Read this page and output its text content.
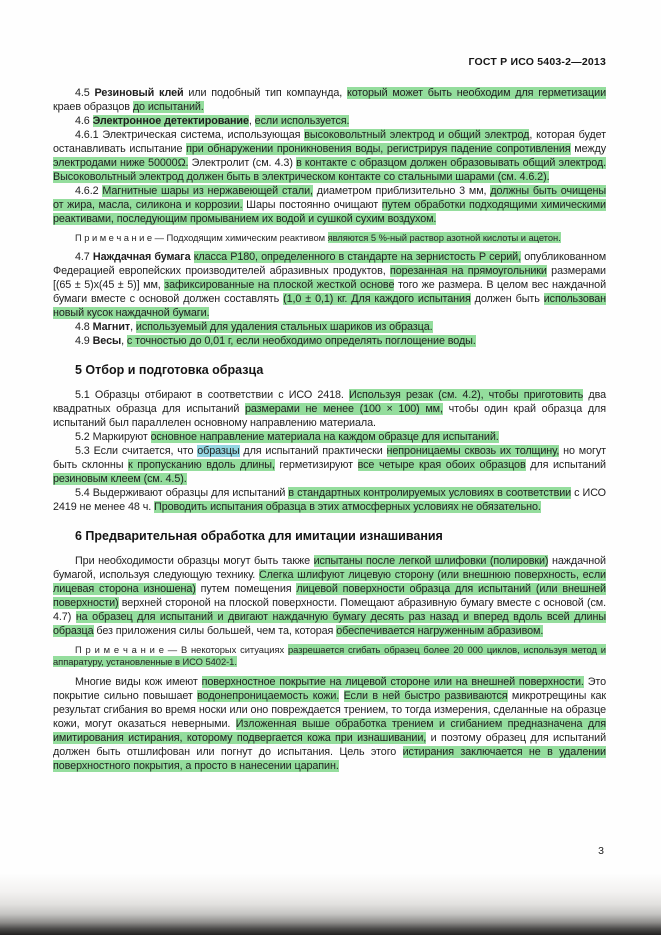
ГОСТ Р ИСО 5403-2—2013

4.5 Резиновый клей или подобный тип компаунда, который может быть необходим для герметизации краев образцов до испытаний.

4.6 Электронное детектирование, если используется.

4.6.1 Электрическая система, использующая высоковольтный электрод и общий электрод, которая будет останавливать испытание при обнаружении проникновения воды, регистрируя падение сопротивления между электродами ниже 50000Ω. Электролит (см. 4.3) в контакте с образцом должен образовывать общий электрод. Высоковольтный электрод должен быть в электрическом контакте со стальными шарами (см. 4.6.2).

4.6.2 Магнитные шары из нержавеющей стали, диаметром приблизительно 3 мм, должны быть очищены от жира, масла, силикона и коррозии. Шары постоянно очищают путем обработки подходящими химическими реактивами, последующим промыванием их водой и сушкой сухим воздухом.

П р и м е ч а н и е — Подходящим химическим реактивом являются 5 %-ный раствор азотной кислоты и ацетон.

4.7 Наждачная бумага класса P180, определенного в стандарте на зернистость Р серий, опубликованном Федерацией европейских производителей абразивных продуктов, порезанная на прямоугольники размерами [(65 ± 5)х(45 ± 5)] мм, зафиксированные на плоской жесткой основе того же размера. В целом вес наждачной бумаги вместе с основой должен составлять (1,0 ± 0,1) кг. Для каждого испытания должен быть использован новый кусок наждачной бумаги.

4.8 Магнит, используемый для удаления стальных шариков из образца.

4.9 Весы, с точностью до 0,01 г, если необходимо определять поглощение воды.

5 Отбор и подготовка образца

5.1 Образцы отбирают в соответствии с ИСО 2418. Используя резак (см. 4.2), чтобы приготовить два квадратных образца для испытаний размерами не менее (100 × 100) мм, чтобы один край образца для испытаний был параллелен основному направлению материала.

5.2 Маркируют основное направление материала на каждом образце для испытаний.

5.3 Если считается, что образцы для испытаний практически непроницаемы сквозь их толщину, но могут быть склонны к пропусканию вдоль длины, герметизируют все четыре края обоих образцов для испытаний резиновым клеем (см. 4.5).

5.4 Выдерживают образцы для испытаний в стандартных контролируемых условиях в соответствии с ИСО 2419 не менее 48 ч. Проводить испытания образца в этих атмосферных условиях не обязательно.

6 Предварительная обработка для имитации изнашивания

При необходимости образцы могут быть также испытаны после легкой шлифовки (полировки) наждачной бумагой, используя следующую технику. Слегка шлифуют лицевую сторону (или внешнюю поверхность, если лицевая сторона изношена) путем помещения лицевой поверхности образца для испытаний (или внешней поверхности) верхней стороной на плоской поверхности. Помещают абразивную бумагу вместе с основой (см. 4.7) на образец для испытаний и двигают наждачную бумагу десять раз назад и вперед вдоль всей длины образца без приложения силы большей, чем та, которая обеспечивается нагруженным абразивом.

П р и м е ч а н и е — В некоторых ситуациях разрешается сгибать образец более 20 000 циклов, используя метод и аппаратуру, установленные в ИСО 5402-1.

Многие виды кож имеют поверхностное покрытие на лицевой стороне или на внешней поверхности. Это покрытие сильно повышает водонепроницаемость кожи. Если в ней быстро развиваются микротрещины как результат сгибания во время носки или оно повреждается трением, то тогда измерения, сделанные на образце кожи, могут оказаться неверными. Изложенная выше обработка трением и сгибанием предназначена для имитирования истирания, которому подвергается кожа при изнашивании, и поэтому образец для испытаний должен быть отшлифован или погнут до испытания. Цель этого истирания заключается не в удалении поверхностного покрытия, а просто в нанесении царапин.

3
